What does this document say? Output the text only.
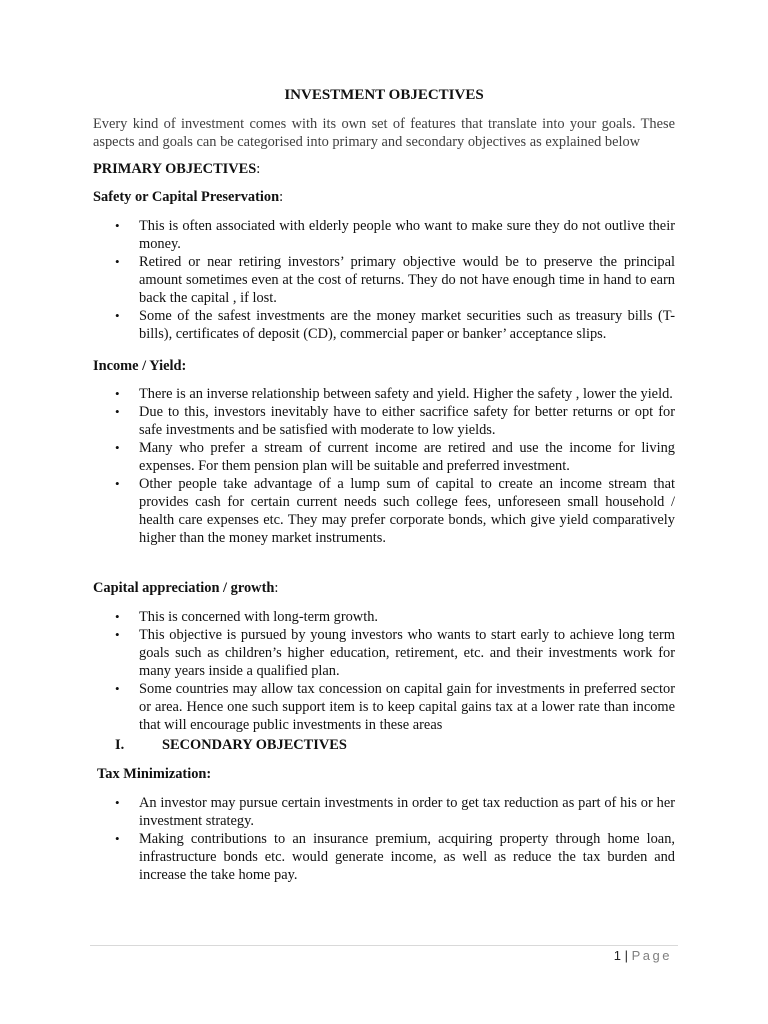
INVESTMENT OBJECTIVES
Every kind of investment comes with its own set of features that translate into your goals. These aspects and goals can be categorised into primary and secondary objectives as explained below
PRIMARY OBJECTIVES:
Safety or Capital Preservation:
• This is often associated with elderly people who want to make sure they do not outlive their money.
• Retired or near retiring investors’ primary objective would be to preserve the principal amount sometimes even at the cost of returns. They do not have enough time in hand to earn back the capital , if lost.
• Some of the safest investments are the money market securities such as treasury bills (T-bills), certificates of deposit (CD), commercial paper or banker’ acceptance slips.
Income / Yield:
• There is an inverse relationship between safety and yield. Higher the safety , lower the yield.
• Due to this, investors inevitably have to either sacrifice safety for better returns or opt for safe investments and be satisfied with moderate to low yields.
• Many who prefer a stream of current income are retired and use the income for living expenses. For them pension plan will be suitable and preferred investment.
• Other people take advantage of a lump sum of capital to create an income stream that provides cash for certain current needs such college fees, unforeseen small household / health care expenses etc. They may prefer corporate bonds, which give yield comparatively higher than the money market instruments.
Capital appreciation / growth:
• This is concerned with long-term growth.
• This objective is pursued by young investors who wants to start early to achieve long term goals such as children’s higher education, retirement, etc. and their investments work for many years inside a qualified plan.
• Some countries may allow tax concession on capital gain for investments in preferred sector or area. Hence one such support item is to keep capital gains tax at a lower rate than income that will encourage public investments in these areas
I.	SECONDARY OBJECTIVES
Tax Minimization:
• An investor may pursue certain investments in order to get tax reduction as part of his or her investment strategy.
• Making contributions to an insurance premium, acquiring property through home loan, infrastructure bonds etc. would generate income, as well as reduce the tax burden and increase the take home pay.
1 | Page
